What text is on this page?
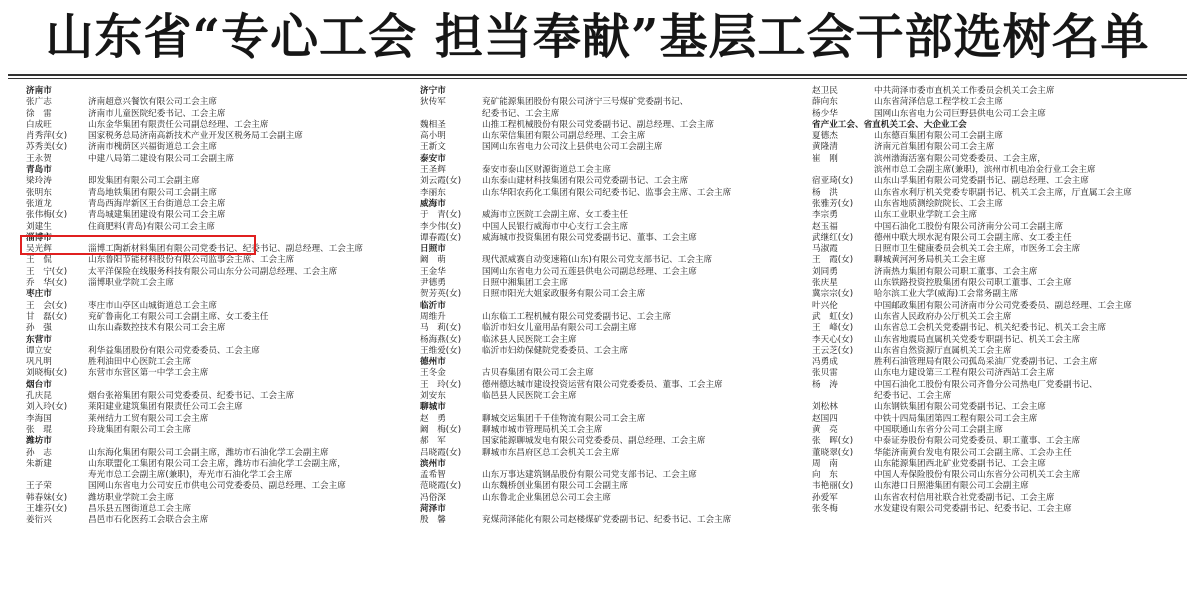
山东省“专心工会 担当奉献”基层工会干部选树名单
济南市
张广志	济南超意兴餐饮有限公司工会主席
徐　雷	济南市儿童医院纪委书记、工会主席
白成旺	山东金华集团有限责任公司副总经理、工会主席
肖秀萍(女)	国家税务总局济南高新技术产业开发区税务局工会副主席
苏秀美(女)	济南市槐荫区兴福街道总工会主席
王永贺	中建八局第二建设有限公司工会副主席
青岛市
梁玲涛	即发集团有限公司工会副主席
张明东	青岛地铁集团有限公司工会副主席
张道龙	青岛西海岸新区王台街道总工会主席
张伟梅(女)	青岛城建集团建设有限公司工会主席
刘建生	住商肥料(青岛)有限公司工会主席
淄博市
吴光辉	淄博工陶新材料集团有限公司党委书记、纪委书记、副总经理、工会主席
王　侃	山东鲁阳节能材料股份有限公司监事会主席、工会主席
王　宁(女)	太平洋保险在线服务科技有限公司山东分公司副总经理、工会主席
乔　华(女)	淄博职业学院工会主席
枣庄市
王　会(女)	枣庄市山亭区山城街道总工会主席
甘　磊(女)	兖矿鲁南化工有限公司工会副主席、女工委主任
孙　强	山东山森数控技术有限公司工会主席
东营市
谭立安	利华益集团股份有限公司党委委员、工会主席
巩凡明	胜利油田中心医院工会主席
刘晓梅(女)	东营市东营区第一中学工会主席
烟台市
孔庆昆	烟台张裕集团有限公司党委委员、纪委书记、工会主席
刘入玲(女)	莱阳建业建筑集团有限责任公司工会主席
李海国	莱州结力工贸有限公司工会主席
张　琨	玲珑集团有限公司工会主席
潍坊市
孙　志	山东海化集团有限公司工会副主席，潍坊市石油化学工会副主席
朱新建	山东联盟化工集团有限公司工会主席，潍坊市石油化学工会副主席，
寿光市总工会副主席(兼职)，寿光市石油化学工会主席
王子荣	国网山东省电力公司安丘市供电公司党委委员、副总经理、工会主席
韩春妹(女)	潍坊职业学院工会主席
王雄芬(女)	昌乐县五图街道总工会主席
姜衍兴	昌邑市石化医药工会联合会主席
济宁市
狄传军	兖矿能源集团股份有限公司济宁三号煤矿党委副书记、
纪委书记、工会主席
魏相圣	山推工程机械股份有限公司党委副书记、副总经理、工会主席
高小明	山东荣信集团有限公司副总经理、工会主席
王新文	国网山东省电力公司汶上县供电公司工会副主席
泰安市
王圣辉	泰安市泰山区财源街道总工会主席
刘云霞(女)	山东泰山建材科技集团有限公司党委副书记、工会主席
李丽东	山东华阳农药化工集团有限公司纪委书记、监事会主席、工会主席
威海市
于　青(女)	威海市立医院工会副主席、女工委主任
李少伟(女)	中国人民银行威海市中心支行工会主席
谭春霞(女)	威海城市投资集团有限公司党委副书记、董事、工会主席
日照市
阚　萌	现代派威赛自动变速箱(山东)有限公司党支部书记、工会主席
王金华	国网山东省电力公司五莲县供电公司副总经理、工会主席
尹德勇	日照中湘集团工会主席
贺芳英(女)	日照市阳光大姐家政服务有限公司工会主席
临沂市
周维升	山东临工工程机械有限公司党委副书记、工会主席
马　莉(女)	临沂市妇女儿童用品有限公司工会副主席
杨海燕(女)	临沭县人民医院工会主席
王维爱(女)	临沂市妇幼保健院党委委员、工会主席
德州市
王冬金	古贝春集团有限公司工会主席
王　玲(女)	德州德达城市建设投资运营有限公司党委委员、董事、工会主席
刘安东	临邑县人民医院工会主席
聊城市
赵　勇	聊城交运集团千千佳物流有限公司工会主席
阚　梅(女)	聊城市城市管理局机关工会主席
郝　军	国家能源聊城发电有限公司党委委员、副总经理、工会主席
吕晓霞(女)	聊城市东昌府区总工会机关工会主席
滨州市
孟希智	山东万事达建筑钢品股份有限公司党支部书记、工会主席
范晓霞(女)	山东魏桥创业集团有限公司工会副主席
冯俗深	山东鲁北企业集团总公司工会主席
菏泽市
殷　馨	兖煤菏泽能化有限公司赵楼煤矿党委副书记、纪委书记、工会主席
赵卫民	中共菏泽市委市直机关工作委员会机关工会主席
薛向东	山东省菏泽信息工程学校工会主席
杨少华	国网山东省电力公司巨野县供电公司工会主席
省产业工会、省直机关工会、大企业工会
夏德杰	山东德百集团有限公司工会副主席
黄隆清	济南元首集团有限公司工会主席
崔　刚	滨州渤海活塞有限公司党委委员、工会主席，
滨州市总工会副主席(兼职)，滨州市机电冶金行业工会主席
宿亚琦(女)	山东山孚集团有限公司党委副书记、副总经理、工会主席
杨　洪	山东省水利厅机关党委专职副书记、机关工会主席，厅直属工会主席
张雅芳(女)	山东省地质测绘院院长、工会主席
李宗勇	山东工业职业学院工会主席
赵玉福	中国石油化工股份有限公司济南分公司工会副主席
武继红(女)	德州中联大坝水泥有限公司工会副主席、女工委主任
马淑霞	日照市卫生健康委员会机关工会主席，市医务工会主席
王　霞(女)	聊城黄河河务局机关工会主席
刘同勇	济南热力集团有限公司职工董事、工会主席
张庆星	山东铁路投资控股集团有限公司职工董事、工会主席
冀宗宗(女)	哈尔滨工业大学(威海)工会常务副主席
叶兴伦	中国邮政集团有限公司济南市分公司党委委员、副总经理、工会主席
武　虹(女)	山东省人民政府办公厅机关工会主席
王　峰(女)	山东省总工会机关党委副书记、机关纪委书记、机关工会主席
李天心(女)	山东省地震局直属机关党委专职副书记、机关工会主席
王云芝(女)	山东省自然资源厅直属机关工会主席
冯勇成	胜利石油管理局有限公司孤岛采油厂党委副书记、工会主席
张贝雷	山东电力建设第三工程有限公司济西站工会主席
杨　涛	中国石油化工股份有限公司齐鲁分公司热电厂党委副书记、
纪委书记、工会主席
刘松林	山东钢铁集团有限公司党委副书记、工会主席
赵国四	中铁十四局集团第四工程有限公司工会主席
黄　亮	中国联通山东省分公司工会副主席
张　晖(女)	中泰证券股份有限公司党委委员、职工董事、工会主席
董晓翠(女)	华能济南黄台发电有限公司工会副主席、工会办主任
周　南	山东能源集团西北矿业党委副书记、工会主席
向　东	中国人寿保险股份有限公司山东省分公司机关工会主席
韦艳丽(女)	山东港口日照港集团有限公司工会副主席
孙爱军	山东省农村信用社联合社党委副书记、工会主席
张冬梅	水发建设有限公司党委副书记、纪委书记、工会主席
